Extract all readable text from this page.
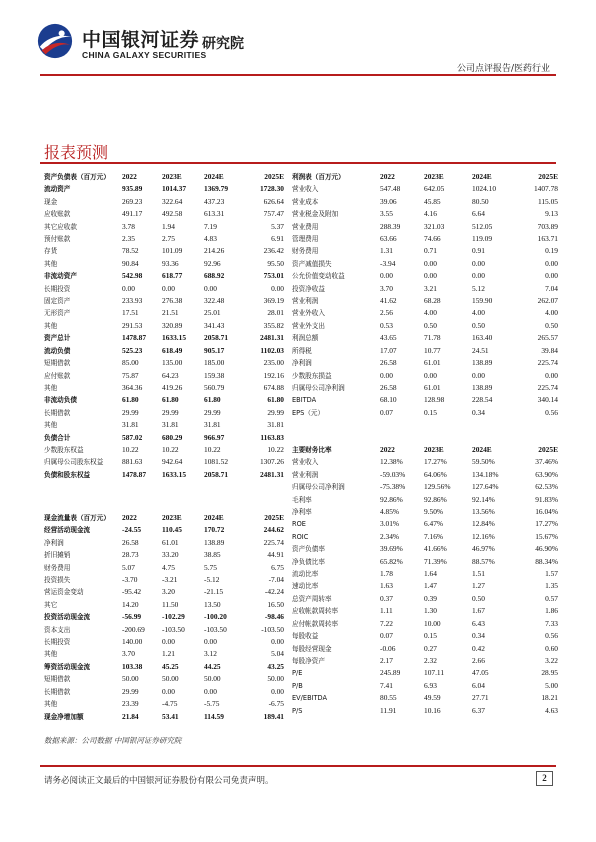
中国银河证券
CHINA GALAXY SECURITIES
研究院
公司点评报告/医药行业
报表预测
资产负债表（百万元）	2022	2023E	2024E	2025E
流动资产	935.89	1014.37	1369.79	1728.30
现金	269.23	322.64	437.23	626.64
应收账款	491.17	492.58	613.31	757.47
其它应收款	3.78	1.94	7.19	5.37
预付账款	2.35	2.75	4.83	6.91
存货	78.52	101.09	214.26	236.42
其他	90.84	93.36	92.96	95.50
非流动资产	542.98	618.77	688.92	753.01
长期投资	0.00	0.00	0.00	0.00
固定资产	233.93	276.38	322.48	369.19
无形资产	17.51	21.51	25.01	28.01
其他	291.53	320.89	341.43	355.82
资产总计	1478.87	1633.15	2058.71	2481.31
流动负债	525.23	618.49	905.17	1102.03
短期借款	85.00	135.00	185.00	235.00
应付账款	75.87	64.23	159.38	192.16
其他	364.36	419.26	560.79	674.88
非流动负债	61.80	61.80	61.80	61.80
长期借款	29.99	29.99	29.99	29.99
其他	31.81	31.81	31.81	31.81
负债合计	587.02	680.29	966.97	1163.83
少数股东权益	10.22	10.22	10.22	10.22
归属母公司股东权益	881.63	942.64	1081.52	1307.26
负债和股东权益	1478.87	1633.15	2058.71	2481.31
现金流量表（百万元）	2022	2023E	2024E	2025E
经营活动现金流	-24.55	110.45	170.72	244.62
净利润	26.58	61.01	138.89	225.74
折旧摊销	28.73	33.20	38.85	44.91
财务费用	5.07	4.75	5.75	6.75
投资损失	-3.70	-3.21	-5.12	-7.04
营运资金变动	-95.42	3.20	-21.15	-42.24
其它	14.20	11.50	13.50	16.50
投资活动现金流	-56.99	-102.29	-100.20	-98.46
资本支出	-200.69	-103.50	-103.50	-103.50
长期投资	140.00	0.00	0.00	0.00
其他	3.70	1.21	3.12	5.04
筹资活动现金流	103.38	45.25	44.25	43.25
短期借款	50.00	50.00	50.00	50.00
长期借款	29.99	0.00	0.00	0.00
其他	23.39	-4.75	-5.75	-6.75
现金净增加额	21.84	53.41	114.59	189.41
利润表（百万元）	2022	2023E	2024E	2025E
营业收入	547.48	642.05	1024.10	1407.78
营业成本	39.06	45.85	80.50	115.05
营业税金及附加	3.55	4.16	6.64	9.13
营业费用	288.39	321.03	512.05	703.89
管理费用	63.66	74.66	119.09	163.71
财务费用	1.31	0.71	0.91	0.19
资产减值损失	-3.94	0.00	0.00	0.00
公允价值变动收益	0.00	0.00	0.00	0.00
投资净收益	3.70	3.21	5.12	7.04
营业利润	41.62	68.28	159.90	262.07
营业外收入	2.56	4.00	4.00	4.00
营业外支出	0.53	0.50	0.50	0.50
利润总额	43.65	71.78	163.40	265.57
所得税	17.07	10.77	24.51	39.84
净利润	26.58	61.01	138.89	225.74
少数股东损益	0.00	0.00	0.00	0.00
归属母公司净利润	26.58	61.01	138.89	225.74
EBITDA	68.10	128.98	228.54	340.14
EPS（元）	0.07	0.15	0.34	0.56
主要财务比率	2022	2023E	2024E	2025E
营业收入	12.38%	17.27%	59.50%	37.46%
营业利润	-59.03%	64.06%	134.18%	63.90%
归属母公司净利润	-75.38%	129.56%	127.64%	62.53%
毛利率	92.86%	92.86%	92.14%	91.83%
净利率	4.85%	9.50%	13.56%	16.04%
ROE	3.01%	6.47%	12.84%	17.27%
ROIC	2.34%	7.16%	12.16%	15.67%
资产负债率	39.69%	41.66%	46.97%	46.90%
净负债比率	65.82%	71.39%	88.57%	88.34%
流动比率	1.78	1.64	1.51	1.57
速动比率	1.63	1.47	1.27	1.35
总资产周转率	0.37	0.39	0.50	0.57
应收帐款周转率	1.11	1.30	1.67	1.86
应付帐款周转率	7.22	10.00	6.43	7.33
每股收益	0.07	0.15	0.34	0.56
每股经营现金	-0.06	0.27	0.42	0.60
每股净资产	2.17	2.32	2.66	3.22
P/E	245.89	107.11	47.05	28.95
P/B	7.41	6.93	6.04	5.00
EV/EBITDA	80.55	49.59	27.71	18.21
P/S	11.91	10.16	6.37	4.63
数据来源：公司数据 中国银河证券研究院
请务必阅读正文最后的中国银河证券股份有限公司免责声明。	2
